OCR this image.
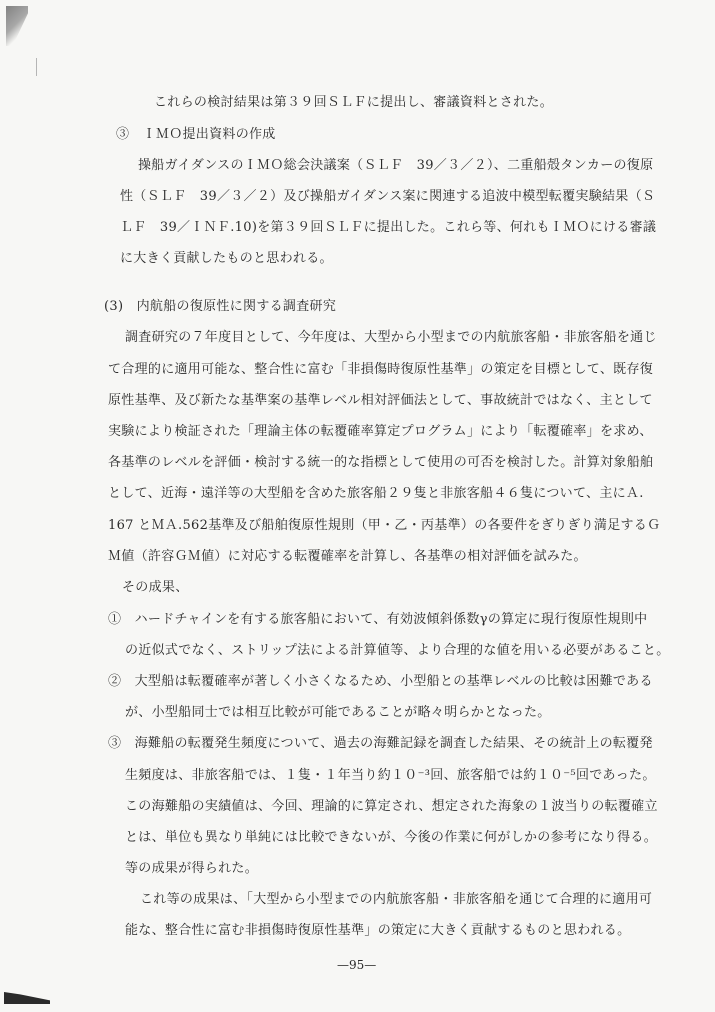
これらの検討結果は第３９回ＳＬＦに提出し、審議資料とされた。
③　ＩＭＯ提出資料の作成
操船ガイダンスのＩＭＯ総会決議案（ＳＬＦ　39／３／２）、二重船殻タンカーの復原
性（ＳＬＦ　39／３／２）及び操船ガイダンス案に関連する追波中模型転覆実験結果（Ｓ
ＬＦ　39／ＩＮＦ.10)を第３９回ＳＬＦに提出した。これら等、何れもＩＭＯにける審議
に大きく貢献したものと思われる。
(3)　内航船の復原性に関する調査研究
調査研究の７年度目として、今年度は、大型から小型までの内航旅客船・非旅客船を通じ
て合理的に適用可能な、整合性に富む「非損傷時復原性基準」の策定を目標として、既存復
原性基準、及び新たな基準案の基準レベル相対評価法として、事故統計ではなく、主として
実験により検証された「理論主体の転覆確率算定プログラム」により「転覆確率」を求め、
各基準のレベルを評価・検討する統一的な指標として使用の可否を検討した。計算対象船舶
として、近海・遠洋等の大型船を含めた旅客船２９隻と非旅客船４６隻について、主にＡ.
167 とＭＡ.562基準及び船舶復原性規則（甲・乙・丙基準）の各要件をぎりぎり満足するＧ
Ｍ値（許容ＧＭ値）に対応する転覆確率を計算し、各基準の相対評価を試みた。
その成果、
①　ハードチャインを有する旅客船において、有効波傾斜係数γの算定に現行復原性規則中
の近似式でなく、ストリップ法による計算値等、より合理的な値を用いる必要があること。
②　大型船は転覆確率が著しく小さくなるため、小型船との基準レベルの比較は困難である
が、小型船同士では相互比較が可能であることが略々明らかとなった。
③　海難船の転覆発生頻度について、過去の海難記録を調査した結果、その統計上の転覆発
生頻度は、非旅客船では、１隻・１年当り約１０⁻³回、旅客船では約１０⁻⁵回であった。
この海難船の実績値は、今回、理論的に算定され、想定された海象の１波当りの転覆確立
とは、単位も異なり単純には比較できないが、今後の作業に何がしかの参考になり得る。
等の成果が得られた。
これ等の成果は、「大型から小型までの内航旅客船・非旅客船を通じて合理的に適用可
能な、整合性に富む非損傷時復原性基準」の策定に大きく貢献するものと思われる。
—95—
